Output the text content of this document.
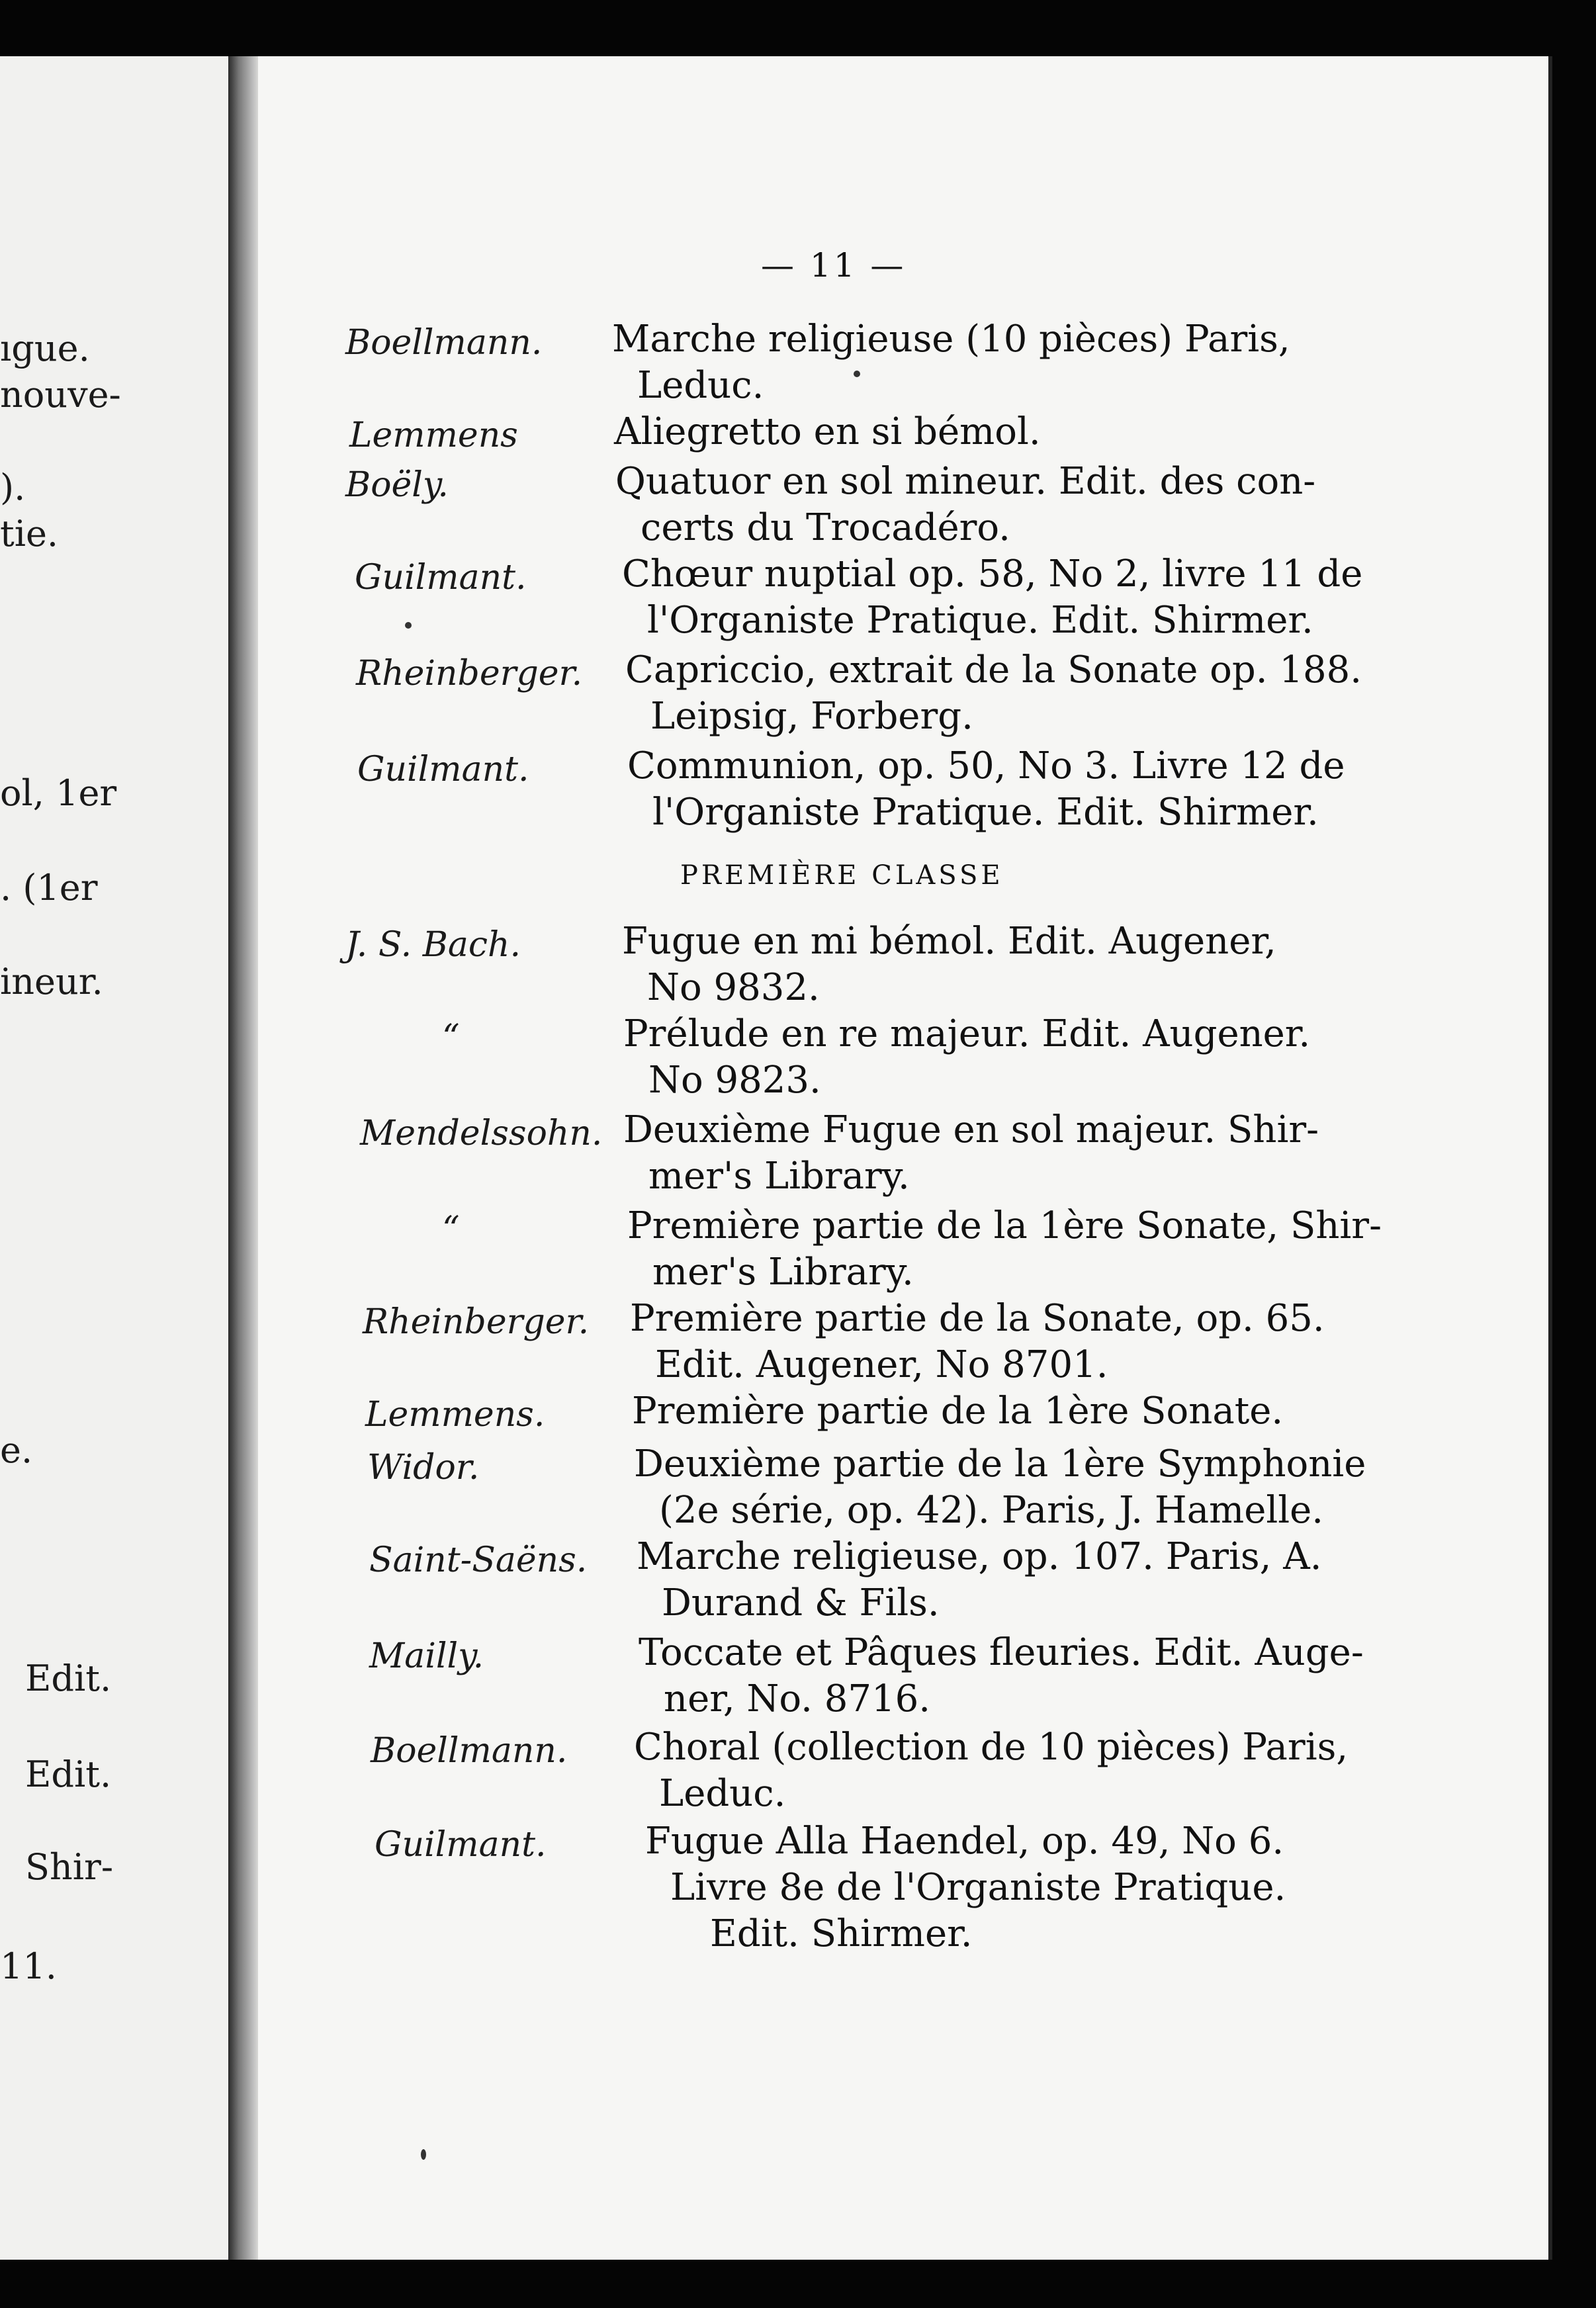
ıgue.
nouve-
).
tie.
ol, 1er
. (1er
ineur.
e.
Edit.
Edit.
Shir-
11.
— 11 —
PREMIÈRE CLASSE
Boellmann. Marche religieuse (10 pièces) Paris,
Leduc.
Lemmens	Aliegretto en si bémol.
Boëly.	Quatuor en sol mineur. Edit. des con-
certs du Trocadéro.
Guilmant.	Chœur nuptial op. 58, No 2, livre 11 de
l'Organiste Pratique. Edit. Shirmer.
Rheinberger. Capriccio, extrait de la Sonate op. 188.
Leipsig, Forberg.
Guilmant.	Communion, op. 50, No 3. Livre 12 de
l'Organiste Pratique. Edit. Shirmer.
J. S. Bach.	Fugue en mi bémol. Edit. Augener,
No 9832.
“	Prélude en re majeur. Edit. Augener.
No 9823.
Mendelssohn. Deuxième Fugue en sol majeur. Shir-
mer's Library.
“	Première partie de la 1ère Sonate, Shir-
mer's Library.
Rheinberger. Première partie de la Sonate, op. 65.
Edit. Augener, No 8701.
Lemmens. Première partie de la 1ère Sonate.
Widor.	Deuxième partie de la 1ère Symphonie
(2e série, op. 42). Paris, J. Hamelle.
Saint-Saëns. Marche religieuse, op. 107. Paris, A.
Durand & Fils.
Mailly.	Toccate et Pâques fleuries. Edit. Auge-
ner, No. 8716.
Boellmann. Choral (collection de 10 pièces) Paris,
Leduc.
Guilmant.	Fugue Alla Haendel, op. 49, No 6.
Livre 8e de l'Organiste Pratique.
Edit. Shirmer.
